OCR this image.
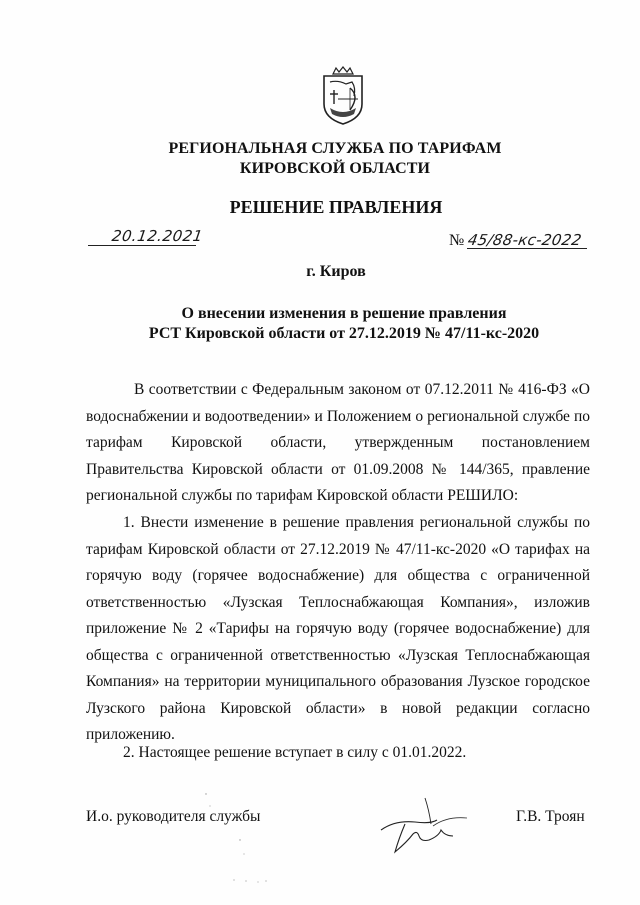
РЕГИОНАЛЬНАЯ СЛУЖБА ПО ТАРИФАМ
КИРОВСКОЙ ОБЛАСТИ
РЕШЕНИЕ ПРАВЛЕНИЯ
20.12.2021	№ 45/88-кс-2022
г. Киров
О внесении изменения в решение правления
РСТ Кировской области от 27.12.2019 № 47/11-кс-2020
В соответствии с Федеральным законом от 07.12.2011 № 416-ФЗ «О водоснабжении и водоотведении» и Положением о региональной службе по тарифам Кировской области, утвержденным постановлением Правительства Кировской области от 01.09.2008 № 144/365, правление региональной службы по тарифам Кировской области РЕШИЛО:
1. Внести изменение в решение правления региональной службы по тарифам Кировской области от 27.12.2019 № 47/11-кс-2020 «О тарифах на горячую воду (горячее водоснабжение) для общества с ограниченной ответственностью «Лузская Теплоснабжающая Компания», изложив приложение № 2 «Тарифы на горячую воду (горячее водоснабжение) для общества с ограниченной ответственностью «Лузская Теплоснабжающая Компания» на территории муниципального образования Лузское городское Лузского района Кировской области» в новой редакции согласно приложению.
2. Настоящее решение вступает в силу с 01.01.2022.
И.о. руководителя службы	Г.В. Троян
